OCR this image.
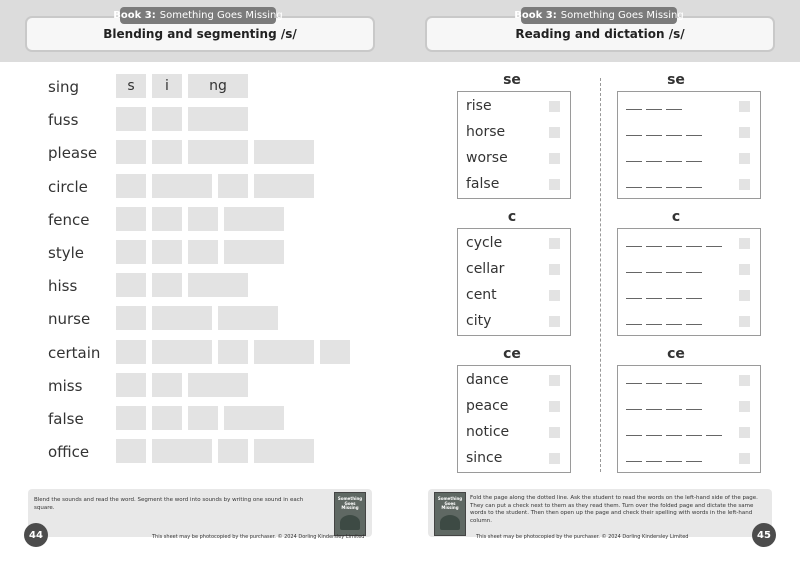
Blending and segmenting /s/
Book 3: Something Goes Missing
sing	s	i	ng
fuss
please
circle
fence
style
hiss
nurse
certain
miss
false
office
Blend the sounds and read the word. Segment the word into sounds by writing one sound in each square.
Something Goes Missing
This sheet may be photocopied by the purchaser. © 2024 Dorling Kindersley Limited
44
Reading and dictation /s/
Book 3: Something Goes Missing
Something Goes Missing
Fold the page along the dotted line. Ask the student to read the words on the left-hand side of the page. They can put a check next to them as they read them. Turn over the folded page and dictate the same words to the student. Then then open up the page and check their spelling with words in the left-hand column.
This sheet may be photocopied by the purchaser. © 2024 Dorling Kindersley Limited	45
se
rise
horse
worse
false
se
c
cycle
cellar
cent
city
c
ce
dance
peace
notice
since
ce
